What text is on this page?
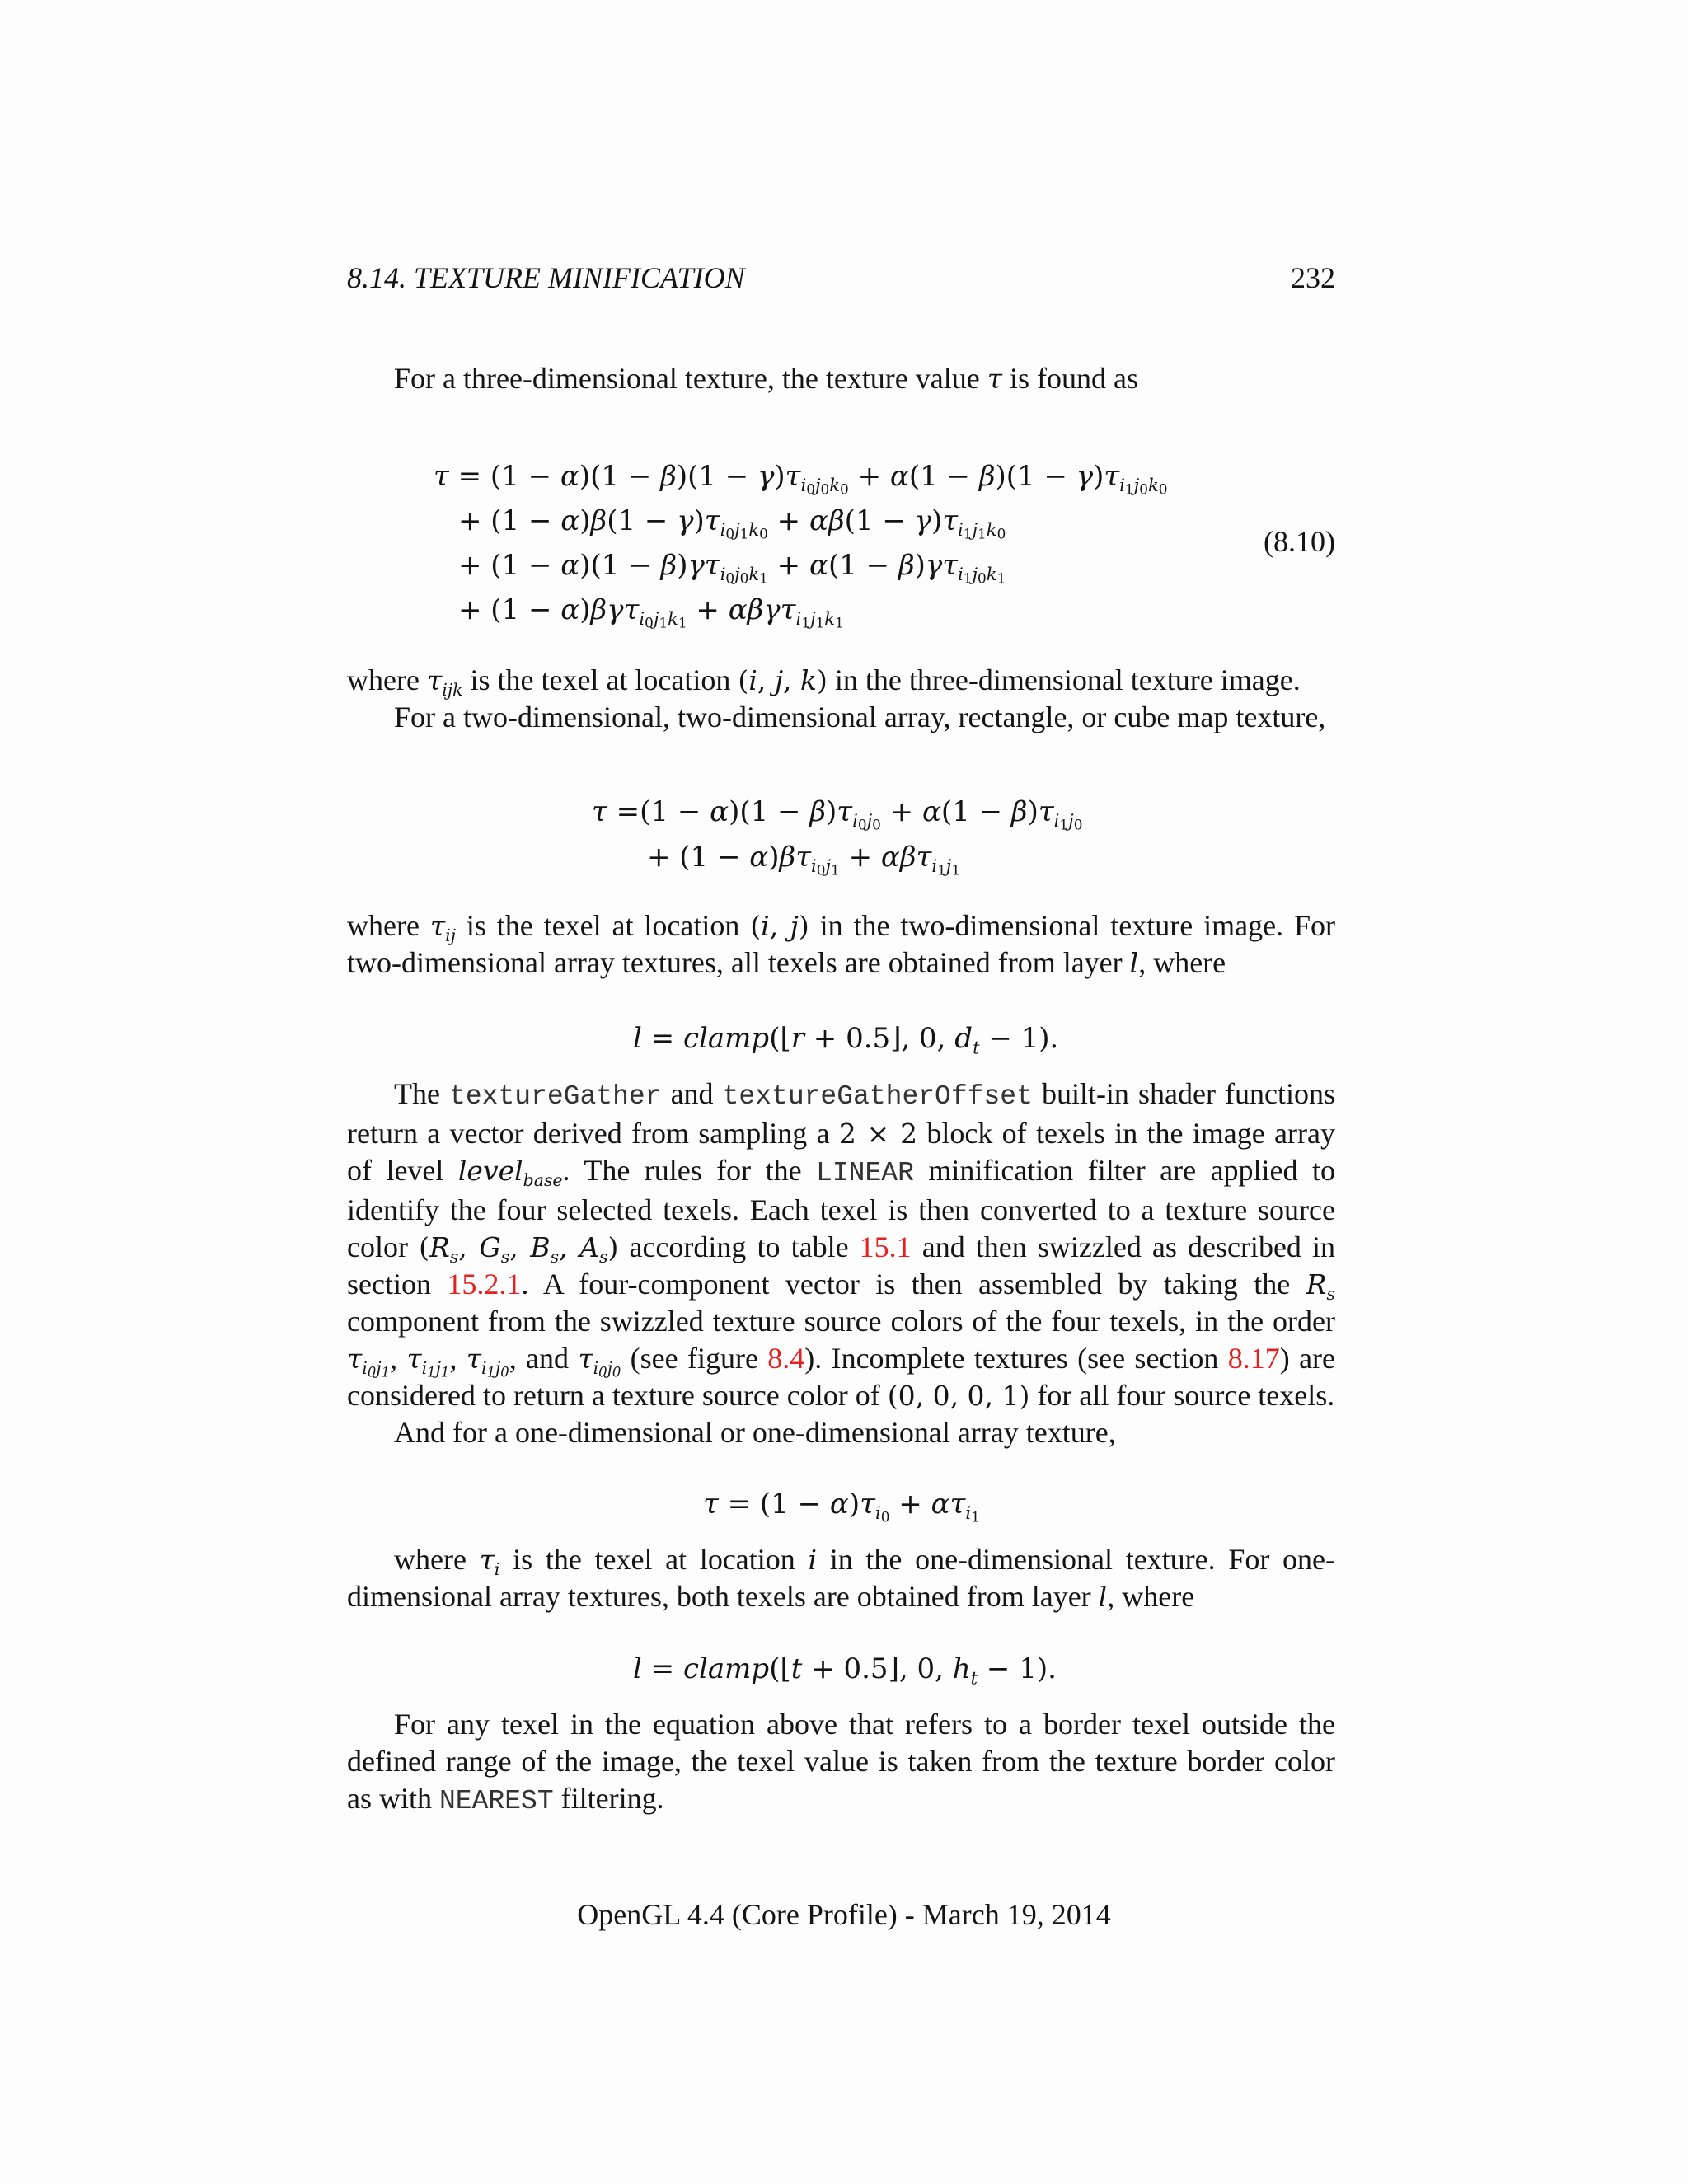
8.14. TEXTURE MINIFICATION	232
For a three-dimensional texture, the texture value τ is found as
$\tau = (1 - \alpha)(1 - \beta)(1 - \gamma)\tau_{i_0j_0k_0} + \alpha(1 - \beta)(1 - \gamma)\tau_{i_1j_0k_0}$
+ $(1 - \alpha)\beta(1 - \gamma)\tau_{i_0j_1k_0} + \alpha\beta(1 - \gamma)\tau_{i_1j_1k_0}$
+ $(1 - \alpha)(1 - \beta)\gamma\tau_{i_0j_0k_1} + \alpha(1 - \beta)\gamma\tau_{i_1j_0k_1}$
+ (1 − α)βγτ$_{i_0j_1k_1}$ + αβγτ$_{i_1j_1k_1}$
(8.10)

where $\tau_{ijk}$ is the texel at location (i, j, k) in the three-dimensional texture image.

For a two-dimensional, two-dimensional array, rectangle, or cube map texture,

$\tau =(1 - \alpha)(1 - \beta)\tau_{i_0j_0} + \alpha(1 - \beta)\tau_{i_1j_0}$
+ $(1 - \alpha)\beta\tau_{i_0j_1} + \alpha\beta\tau_{i_1j_1}$

where $\tau_{ij}$ is the texel at location (i, j) in the two-dimensional texture image. For two-dimensional array textures, all texels are obtained from layer l, where

l = clamp(⌊r + 0.5⌋, 0, $d_t - 1$).

The textureGather and textureGatherOffset built-in shader functions return a vector derived from sampling a 2 × 2 block of texels in the image array of level level$_{base}$. The rules for the LINEAR minification filter are applied to identify the four selected texels. Each texel is then converted to a texture source color ($R_s$, $G_s$, $B_s$, $A_s$) according to table 15.1 and then swizzled as described in section 15.2.1. A four-component vector is then assembled by taking the $R_s$ component from the swizzled texture source colors of the four texels, in the order $\tau_{i_0j_1}$, $\tau_{i_1j_1}$, $\tau_{i_1j_0}$, and $\tau_{i_0j_0}$ (see figure 8.4). Incomplete textures (see section 8.17) are considered to return a texture source color of (0, 0, 0, 1) for all four source texels.

And for a one-dimensional or one-dimensional array texture,

$\tau = (1 - \alpha)\tau_{i_0} + \alpha\tau_{i_1}$

where $\tau_i$ is the texel at location i in the one-dimensional texture. For one-dimensional array textures, both texels are obtained from layer l, where

l = clamp(⌊t + 0.5⌋, 0, $h_t - 1$).

For any texel in the equation above that refers to a border texel outside the defined range of the image, the texel value is taken from the texture border color as with NEAREST filtering.

OpenGL 4.4 (Core Profile) - March 19, 2014
